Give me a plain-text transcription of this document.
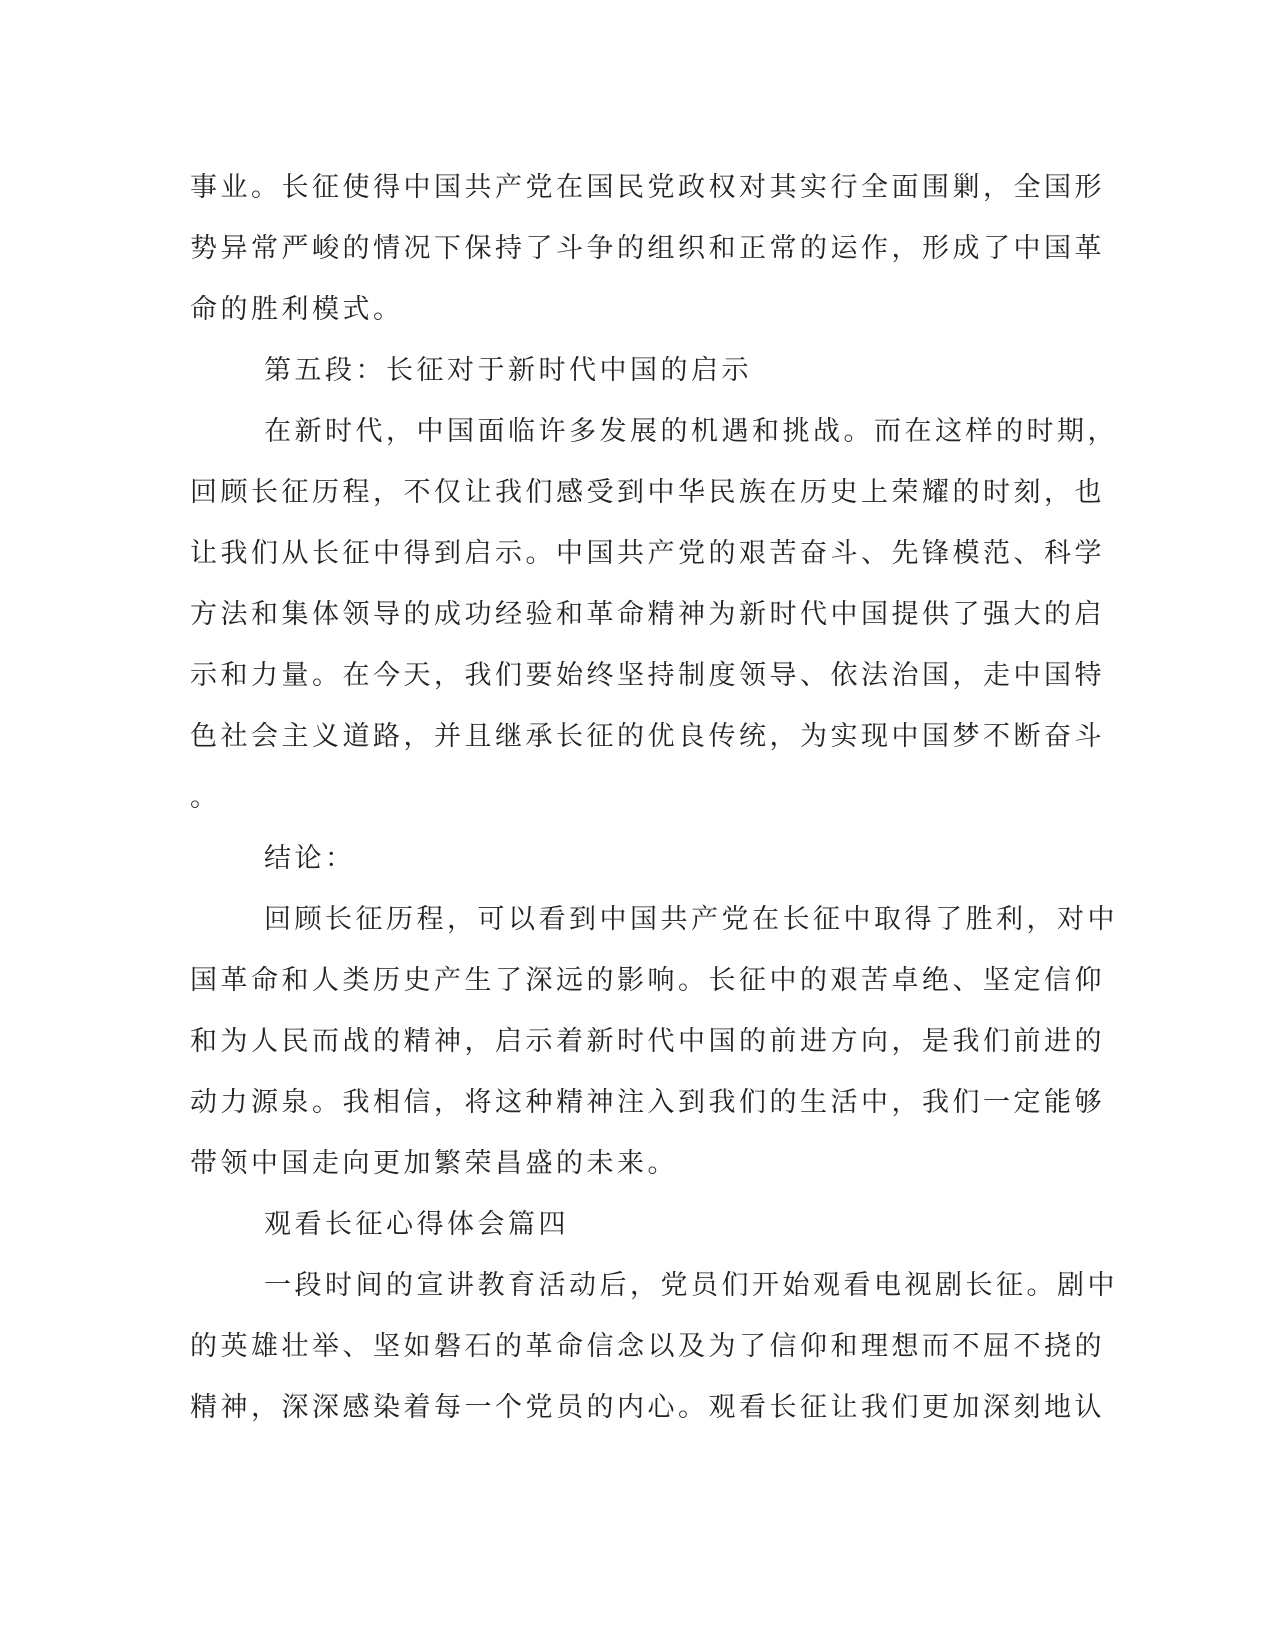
事业。长征使得中国共产党在国民党政权对其实行全面围剿，全国形
势异常严峻的情况下保持了斗争的组织和正常的运作，形成了中国革
命的胜利模式。
第五段：长征对于新时代中国的启示
在新时代，中国面临许多发展的机遇和挑战。而在这样的时期，
回顾长征历程，不仅让我们感受到中华民族在历史上荣耀的时刻，也
让我们从长征中得到启示。中国共产党的艰苦奋斗、先锋模范、科学
方法和集体领导的成功经验和革命精神为新时代中国提供了强大的启
示和力量。在今天，我们要始终坚持制度领导、依法治国，走中国特
色社会主义道路，并且继承长征的优良传统，为实现中国梦不断奋斗
。
结论：
回顾长征历程，可以看到中国共产党在长征中取得了胜利，对中
国革命和人类历史产生了深远的影响。长征中的艰苦卓绝、坚定信仰
和为人民而战的精神，启示着新时代中国的前进方向，是我们前进的
动力源泉。我相信，将这种精神注入到我们的生活中，我们一定能够
带领中国走向更加繁荣昌盛的未来。
观看长征心得体会篇四
一段时间的宣讲教育活动后，党员们开始观看电视剧长征。剧中
的英雄壮举、坚如磐石的革命信念以及为了信仰和理想而不屈不挠的
精神，深深感染着每一个党员的内心。观看长征让我们更加深刻地认
